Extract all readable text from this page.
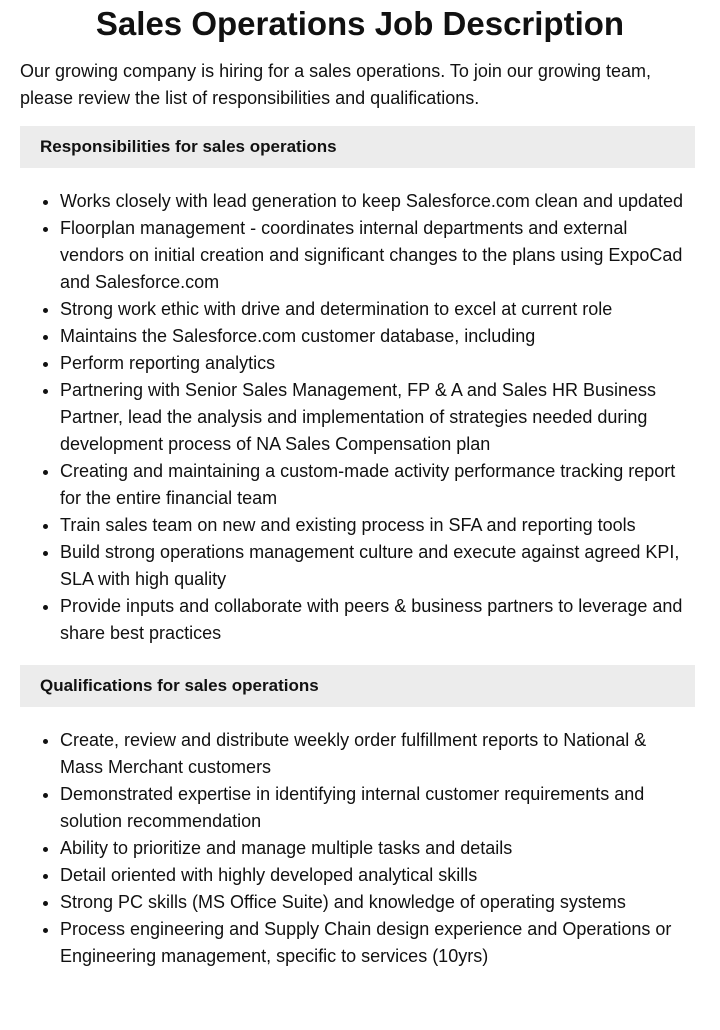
Sales Operations Job Description

Our growing company is hiring for a sales operations. To join our growing team, please review the list of responsibilities and qualifications.

Responsibilities for sales operations
• Works closely with lead generation to keep Salesforce.com clean and updated
• Floorplan management - coordinates internal departments and external vendors on initial creation and significant changes to the plans using ExpoCad and Salesforce.com
• Strong work ethic with drive and determination to excel at current role
• Maintains the Salesforce.com customer database, including
• Perform reporting analytics
• Partnering with Senior Sales Management, FP & A and Sales HR Business Partner, lead the analysis and implementation of strategies needed during development process of NA Sales Compensation plan
• Creating and maintaining a custom-made activity performance tracking report for the entire financial team
• Train sales team on new and existing process in SFA and reporting tools
• Build strong operations management culture and execute against agreed KPI, SLA with high quality
• Provide inputs and collaborate with peers & business partners to leverage and share best practices
Qualifications for sales operations
• Create, review and distribute weekly order fulfillment reports to National & Mass Merchant customers
• Demonstrated expertise in identifying internal customer requirements and solution recommendation
• Ability to prioritize and manage multiple tasks and details
• Detail oriented with highly developed analytical skills
• Strong PC skills (MS Office Suite) and knowledge of operating systems
• Process engineering and Supply Chain design experience and Operations or Engineering management, specific to services (10yrs)
